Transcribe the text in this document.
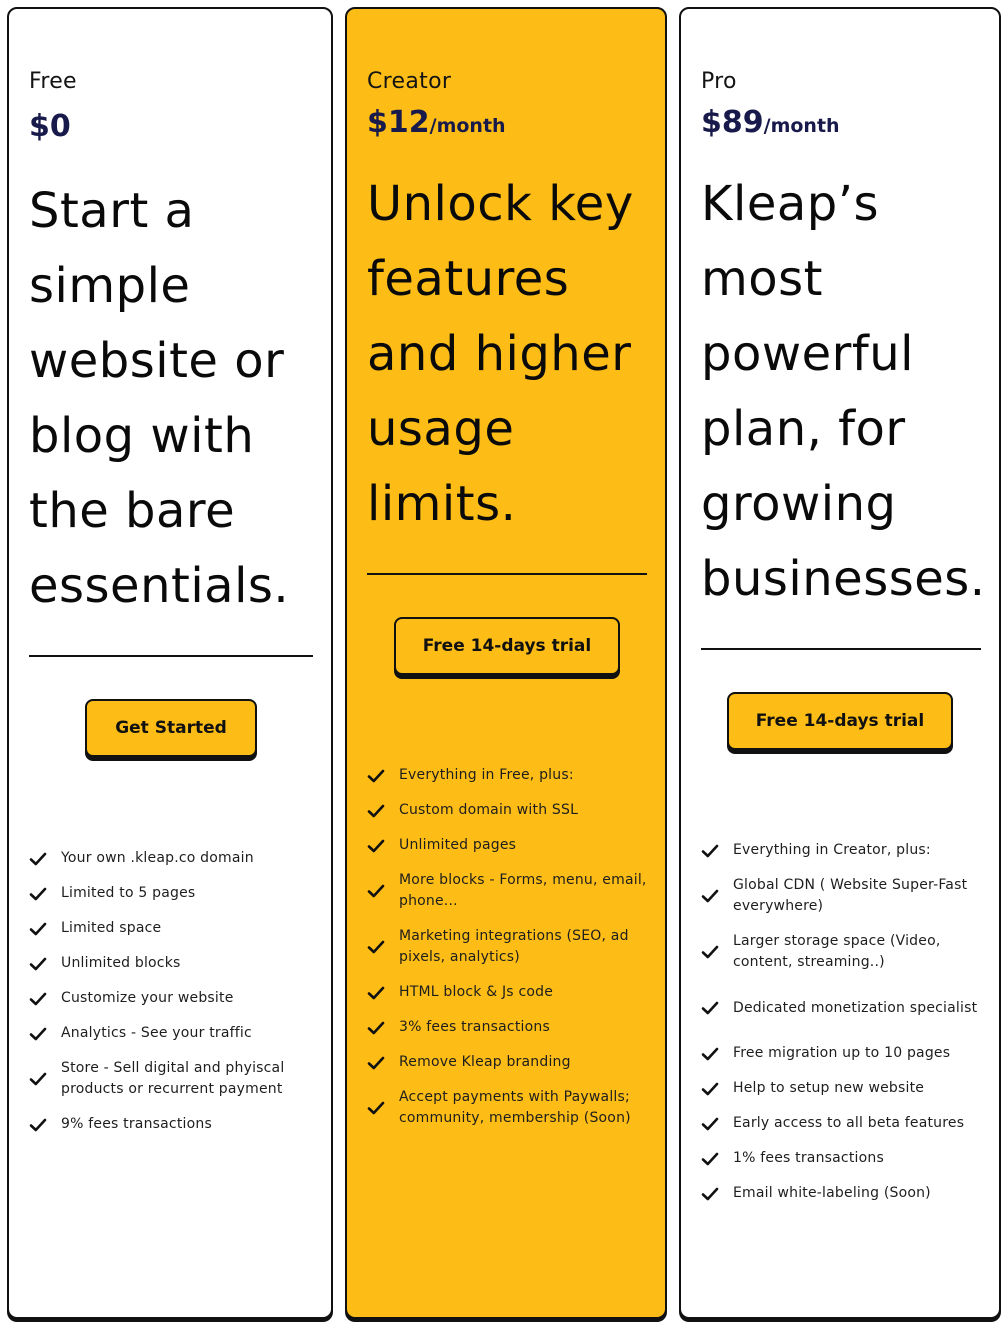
Free
$0
Start a simple website or blog with the bare essentials.
Get Started
Your own .kleap.co domain
Limited to 5 pages
Limited space
Unlimited blocks
Customize your website
Analytics - See your traffic
Store - Sell digital and phyiscal products or recurrent payment
9% fees transactions
Creator
$12/month
Unlock key features and higher usage limits.
Free 14-days trial
Everything in Free, plus:
Custom domain with SSL
Unlimited pages
More blocks - Forms, menu, email, phone...
Marketing integrations (SEO, ad pixels, analytics)
HTML block & Js code
3% fees transactions
Remove Kleap branding
Accept payments with Paywalls; community, membership (Soon)
Pro
$89/month
Kleap’s most powerful plan, for growing businesses.
Free 14-days trial
Everything in Creator, plus:
Global CDN ( Website Super-Fast everywhere)
Larger storage space (Video, content, streaming..)
Dedicated monetization specialist
Free migration up to 10 pages
Help to setup new website
Early access to all beta features
1% fees transactions
Email white-labeling (Soon)
